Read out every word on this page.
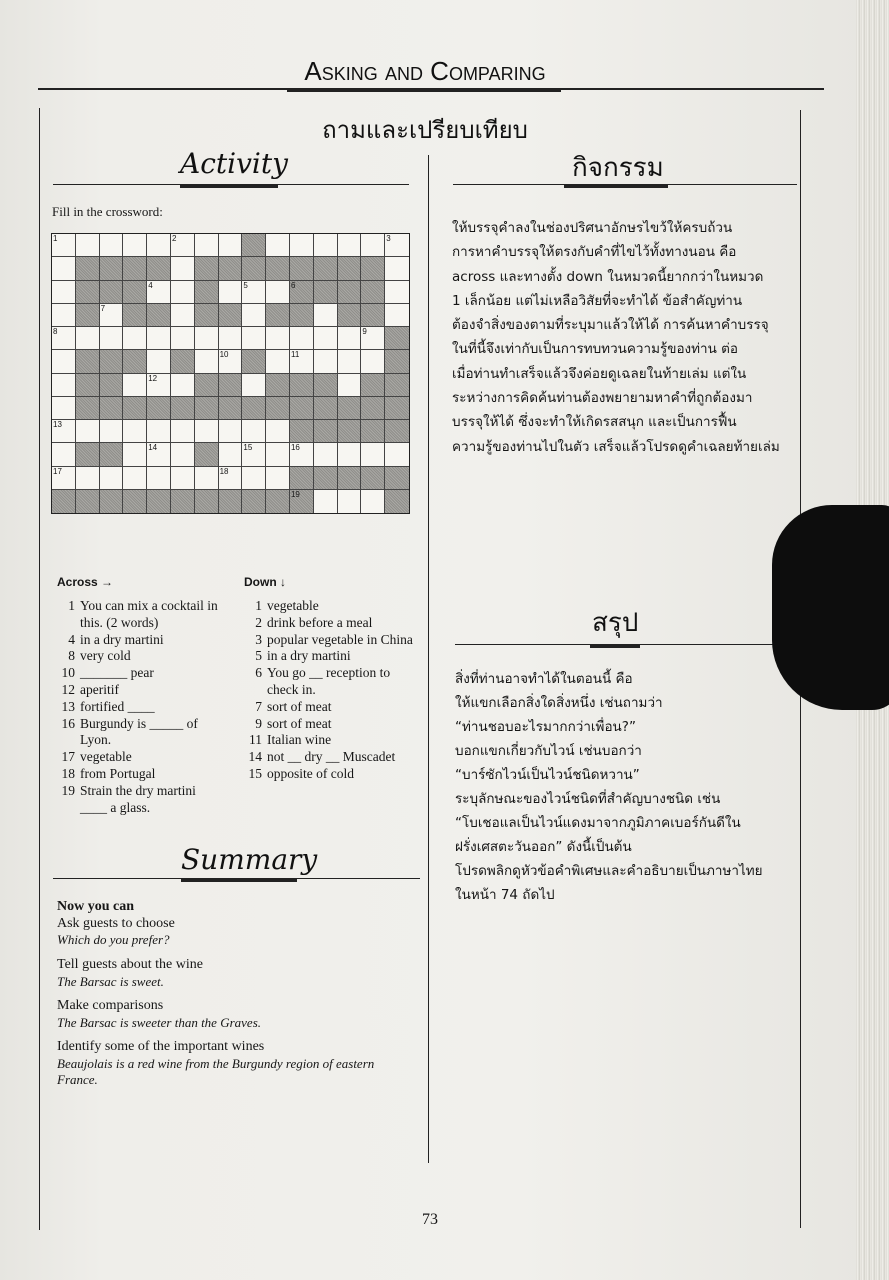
Asking and Comparing
ถามและเปรียบเทียบ
Activity	กิจกรรม
Fill in the crossword:
1	2	3
4	5	6
7
8	9
10	11
12
13
14	15	16
17	18
19
Across →	Down ↓
1 You can mix a cocktail in this. (2 words)
4 in a dry martini
8 very cold
10 _______ pear
12 aperitif
13 fortified ____
16 Burgundy is _____ of Lyon.
17 vegetable
18 from Portugal
19 Strain the dry martini ____ a glass.
1 vegetable
2 drink before a meal
3 popular vegetable in China
5 in a dry martini
6 You go __ reception to check in.
7 sort of meat
9 sort of meat
11 Italian wine
14 not __ dry __ Muscadet
15 opposite of cold
ให้บรรจุคำลงในช่องปริศนาอักษรไขว้ให้ครบถ้วน
การหาคำบรรจุให้ตรงกับคำที่ไขไว้ทั้งทางนอน คือ
across และทางตั้ง down ในหมวดนี้ยากกว่าในหมวด
1 เล็กน้อย แต่ไม่เหลือวิสัยที่จะทำได้ ข้อสำคัญท่าน
ต้องจำสิ่งของตามที่ระบุมาแล้วให้ได้ การค้นหาคำบรรจุ
ในที่นี้จึงเท่ากับเป็นการทบทวนความรู้ของท่าน ต่อ
เมื่อท่านทำเสร็จแล้วจึงค่อยดูเฉลยในท้ายเล่ม แต่ใน
ระหว่างการคิดค้นท่านต้องพยายามหาคำที่ถูกต้องมา
บรรจุให้ได้ ซึ่งจะทำให้เกิดรสสนุก และเป็นการฟื้น
ความรู้ของท่านไปในตัว เสร็จแล้วโปรดดูคำเฉลยท้ายเล่ม
Summary
สรุป
Now you can
Ask guests to choose
Which do you prefer?
Tell guests about the wine
The Barsac is sweet.
Make comparisons
The Barsac is sweeter than the Graves.
Identify some of the important wines
Beaujolais is a red wine from the Burgundy region of eastern France.
สิ่งที่ท่านอาจทำได้ในตอนนี้ คือ
ให้แขกเลือกสิ่งใดสิ่งหนึ่ง เช่นถามว่า
“ท่านชอบอะไรมากกว่าเพื่อน?”
บอกแขกเกี่ยวกับไวน์ เช่นบอกว่า
“บาร์ซักไวน์เป็นไวน์ชนิดหวาน”
ระบุลักษณะของไวน์ชนิดที่สำคัญบางชนิด เช่น
“โบเชอแลเป็นไวน์แดงมาจากภูมิภาคเบอร์กันดีใน
ฝรั่งเศสตะวันออก” ดังนี้เป็นต้น
โปรดพลิกดูหัวข้อคำพิเศษและคำอธิบายเป็นภาษาไทย
ในหน้า 74 ถัดไป
73
